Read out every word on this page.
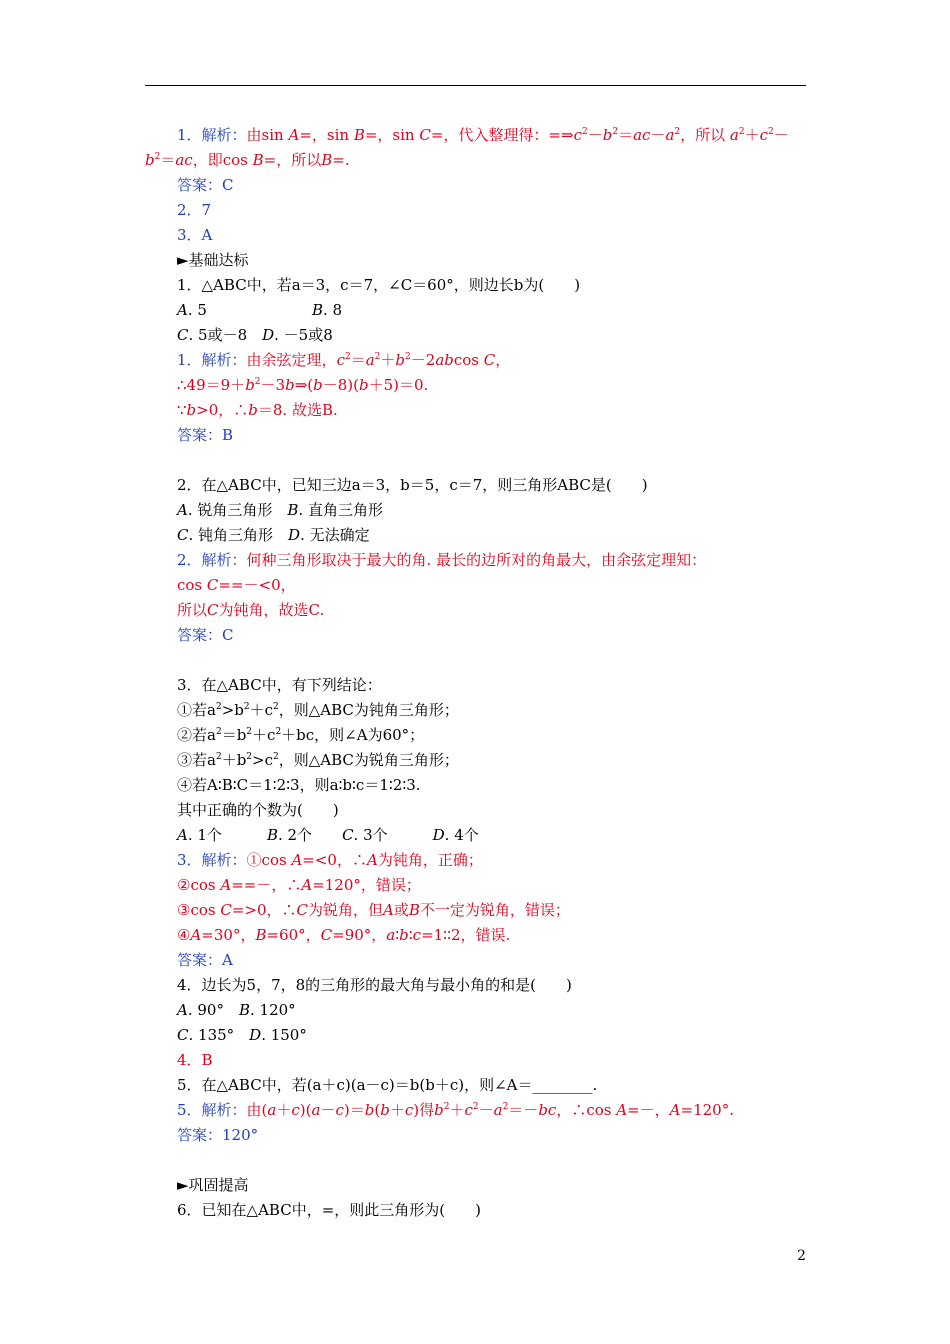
1．解析：由sin A=，sin B=，sin C=，代入整理得：$=\Rightarrow c^2-b^2=ac-a^2$，所以 $a^2+c^2-$
$b^2=ac$，即cos B=，所以B=.
答案：C
2．7
3．A
►基础达标
1．△ABC中，若a＝3，c＝7，∠C＝60°，则边长b为(　　)
A. 5　　　　　　　B. 8
C. 5或－8　D. －5或8
1．解析：由余弦定理，$c^2=a^2+b^2-2abcos$ C，
$\therefore 49=9+b^2-3b\Rightarrow(b-8)(b+5)=0$.
∵b>0，∴b＝8. 故选B.
答案：B
2．在△ABC中，已知三边a＝3，b＝5，c＝7，则三角形ABC是(　　)
A. 锐角三角形　B. 直角三角形
C. 钝角三角形　D. 无法确定
2．解析：何种三角形取决于最大的角. 最长的边所对的角最大，由余弦定理知：
cos C==－<0，
所以C为钝角，故选C.
答案：C
3．在△ABC中，有下列结论：
①若$a^2>b^2+c^2$，则△ABC为钝角三角形；
②若$a^2=b^2+c^2+bc$，则∠A为60°；
③若$a^2+b^2>c^2$，则△ABC为锐角三角形；
④若A∶B∶C＝1∶2∶3，则a∶b∶c＝1∶2∶3.
其中正确的个数为(　　)
A. 1个　　　B. 2个　　C. 3个　　　D. 4个
3．解析：①cos A=<0，∴A为钝角，正确；
②cos A==－，∴A=120°，错误；
③cos C=>0，∴C为锐角，但A或B不一定为锐角，错误；
④A=30°，B=60°，C=90°，a∶b∶c=1∶∶2，错误.
答案：A
4．边长为5，7，8的三角形的最大角与最小角的和是(　　)
A. 90°　B. 120°
C. 135°　D. 150°
4．B
5．在△ABC中，若(a＋c)(a－c)＝b(b＋c)，则∠A＝________.
5．解析：由(a＋c)(a－c)＝b(b＋c)得$b^2+c^2-a^2=-bc$，∴cos A=－，A=120°.
答案：120°
►巩固提高
6．已知在△ABC中，=，则此三角形为(　　)
2
